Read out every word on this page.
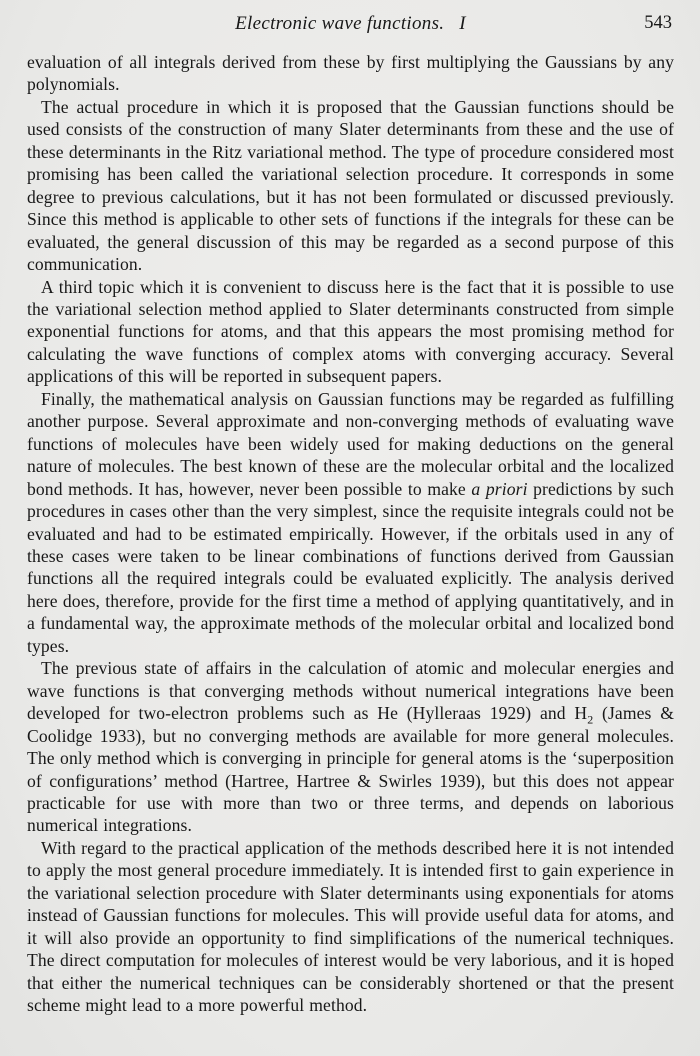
Electronic wave functions.  I	543

evaluation of all integrals derived from these by first multiplying the Gaussians by any polynomials.

The actual procedure in which it is proposed that the Gaussian functions should be used consists of the construction of many Slater determinants from these and the use of these determinants in the Ritz variational method. The type of procedure considered most promising has been called the variational selection procedure. It corresponds in some degree to previous calculations, but it has not been formulated or discussed previously. Since this method is applicable to other sets of functions if the integrals for these can be evaluated, the general discussion of this may be regarded as a second purpose of this communication.

A third topic which it is convenient to discuss here is the fact that it is possible to use the variational selection method applied to Slater determinants constructed from simple exponential functions for atoms, and that this appears the most promising method for calculating the wave functions of complex atoms with converging accuracy. Several applications of this will be reported in subsequent papers.

Finally, the mathematical analysis on Gaussian functions may be regarded as fulfilling another purpose. Several approximate and non-converging methods of evaluating wave functions of molecules have been widely used for making deductions on the general nature of molecules. The best known of these are the molecular orbital and the localized bond methods. It has, however, never been possible to make a priori predictions by such procedures in cases other than the very simplest, since the requisite integrals could not be evaluated and had to be estimated empirically. However, if the orbitals used in any of these cases were taken to be linear combinations of functions derived from Gaussian functions all the required integrals could be evaluated explicitly. The analysis derived here does, therefore, provide for the first time a method of applying quantitatively, and in a fundamental way, the approximate methods of the molecular orbital and localized bond types.

The previous state of affairs in the calculation of atomic and molecular energies and wave functions is that converging methods without numerical integrations have been developed for two-electron problems such as He (Hylleraas 1929) and $H_2$ (James & Coolidge 1933), but no converging methods are available for more general molecules. The only method which is converging in principle for general atoms is the ‘superposition of configurations’ method (Hartree, Hartree & Swirles 1939), but this does not appear practicable for use with more than two or three terms, and depends on laborious numerical integrations.

With regard to the practical application of the methods described here it is not intended to apply the most general procedure immediately. It is intended first to gain experience in the variational selection procedure with Slater determinants using exponentials for atoms instead of Gaussian functions for molecules. This will provide useful data for atoms, and it will also provide an opportunity to find simplifications of the numerical techniques. The direct computation for molecules of interest would be very laborious, and it is hoped that either the numerical techniques can be considerably shortened or that the present scheme might lead to a more powerful method.
